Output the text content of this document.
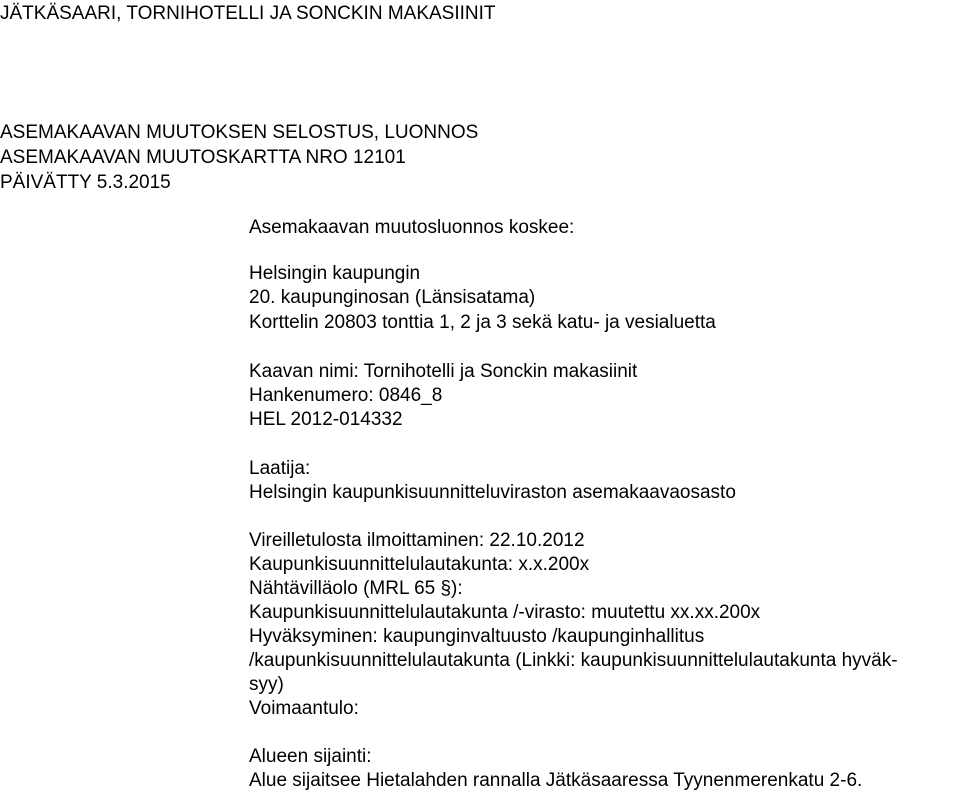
JÄTKÄSAARI, TORNIHOTELLI JA SONCKIN MAKASIINIT
ASEMAKAAVAN MUUTOKSEN SELOSTUS, LUONNOS
ASEMAKAAVAN MUUTOSKARTTA NRO 12101
PÄIVÄTTY 5.3.2015
Asemakaavan muutosluonnos koskee:
Helsingin kaupungin
20. kaupunginosan (Länsisatama)
Korttelin 20803 tonttia 1, 2 ja 3 sekä katu- ja vesialuetta
Kaavan nimi: Tornihotelli ja Sonckin makasiinit
Hankenumero: 0846_8
HEL 2012-014332
Laatija:
Helsingin kaupunkisuunnitteluviraston asemakaavaosasto
Vireilletulosta ilmoittaminen: 22.10.2012
Kaupunkisuunnittelulautakunta: x.x.200x
Nähtävilläolo (MRL 65 §):
Kaupunkisuunnittelulautakunta /-virasto: muutettu xx.xx.200x
Hyväksyminen: kaupunginvaltuusto /kaupunginhallitus
/kaupunkisuunnittelulautakunta (Linkki: kaupunkisuunnittelulautakunta hyväk-
syy)
Voimaantulo:
Alueen sijainti:
Alue sijaitsee Hietalahden rannalla Jätkäsaaressa Tyynenmerenkatu 2-6.
